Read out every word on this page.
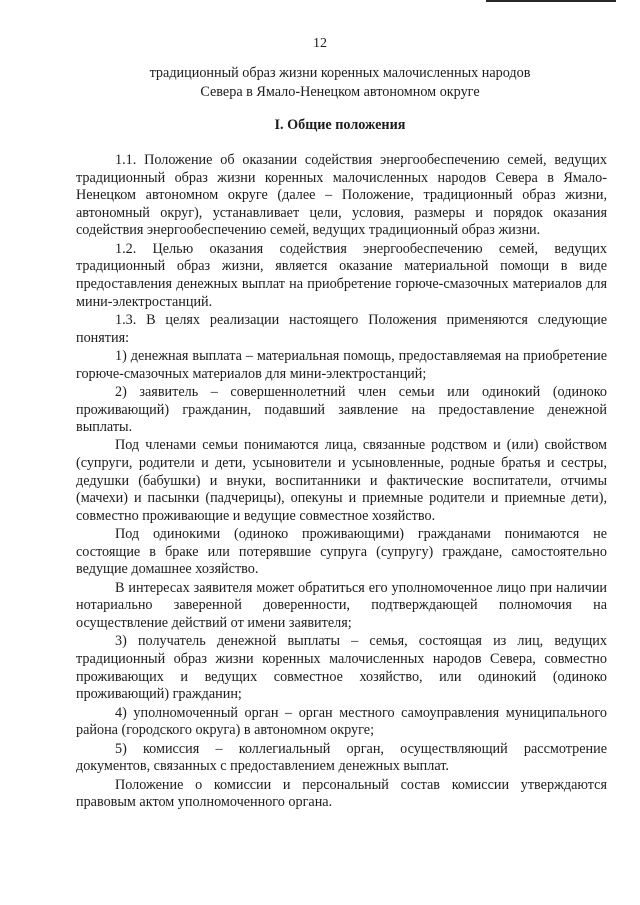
12
традиционный образ жизни коренных малочисленных народов
Севера в Ямало-Ненецком автономном округе
I. Общие положения

1.1. Положение об оказании содействия энергообеспечению семей, ведущих традиционный образ жизни коренных малочисленных народов Севера в Ямало-Ненецком автономном округе (далее – Положение, традиционный образ жизни, автономный округ), устанавливает цели, условия, размеры и порядок оказания содействия энергообеспечению семей, ведущих традиционный образ жизни.

1.2. Целью оказания содействия энергообеспечению семей, ведущих традиционный образ жизни, является оказание материальной помощи в виде предоставления денежных выплат на приобретение горюче-смазочных материалов для мини-электростанций.

1.3. В целях реализации настоящего Положения применяются следующие понятия:

1) денежная выплата – материальная помощь, предоставляемая на приобретение горюче-смазочных материалов для мини-электростанций;

2) заявитель – совершеннолетний член семьи или одинокий (одиноко проживающий) гражданин, подавший заявление на предоставление денежной выплаты.

Под членами семьи понимаются лица, связанные родством и (или) свойством (супруги, родители и дети, усыновители и усыновленные, родные братья и сестры, дедушки (бабушки) и внуки, воспитанники и фактические воспитатели, отчимы (мачехи) и пасынки (падчерицы), опекуны и приемные родители и приемные дети), совместно проживающие и ведущие совместное хозяйство.

Под одинокими (одиноко проживающими) гражданами понимаются не состоящие в браке или потерявшие супруга (супругу) граждане, самостоятельно ведущие домашнее хозяйство.

В интересах заявителя может обратиться его уполномоченное лицо при наличии нотариально заверенной доверенности, подтверждающей полномочия на осуществление действий от имени заявителя;

3) получатель денежной выплаты – семья, состоящая из лиц, ведущих традиционный образ жизни коренных малочисленных народов Севера, совместно проживающих и ведущих совместное хозяйство, или одинокий (одиноко проживающий) гражданин;

4) уполномоченный орган – орган местного самоуправления муниципального района (городского округа) в автономном округе;

5) комиссия – коллегиальный орган, осуществляющий рассмотрение документов, связанных с предоставлением денежных выплат.

Положение о комиссии и персональный состав комиссии утверждаются правовым актом уполномоченного органа.
